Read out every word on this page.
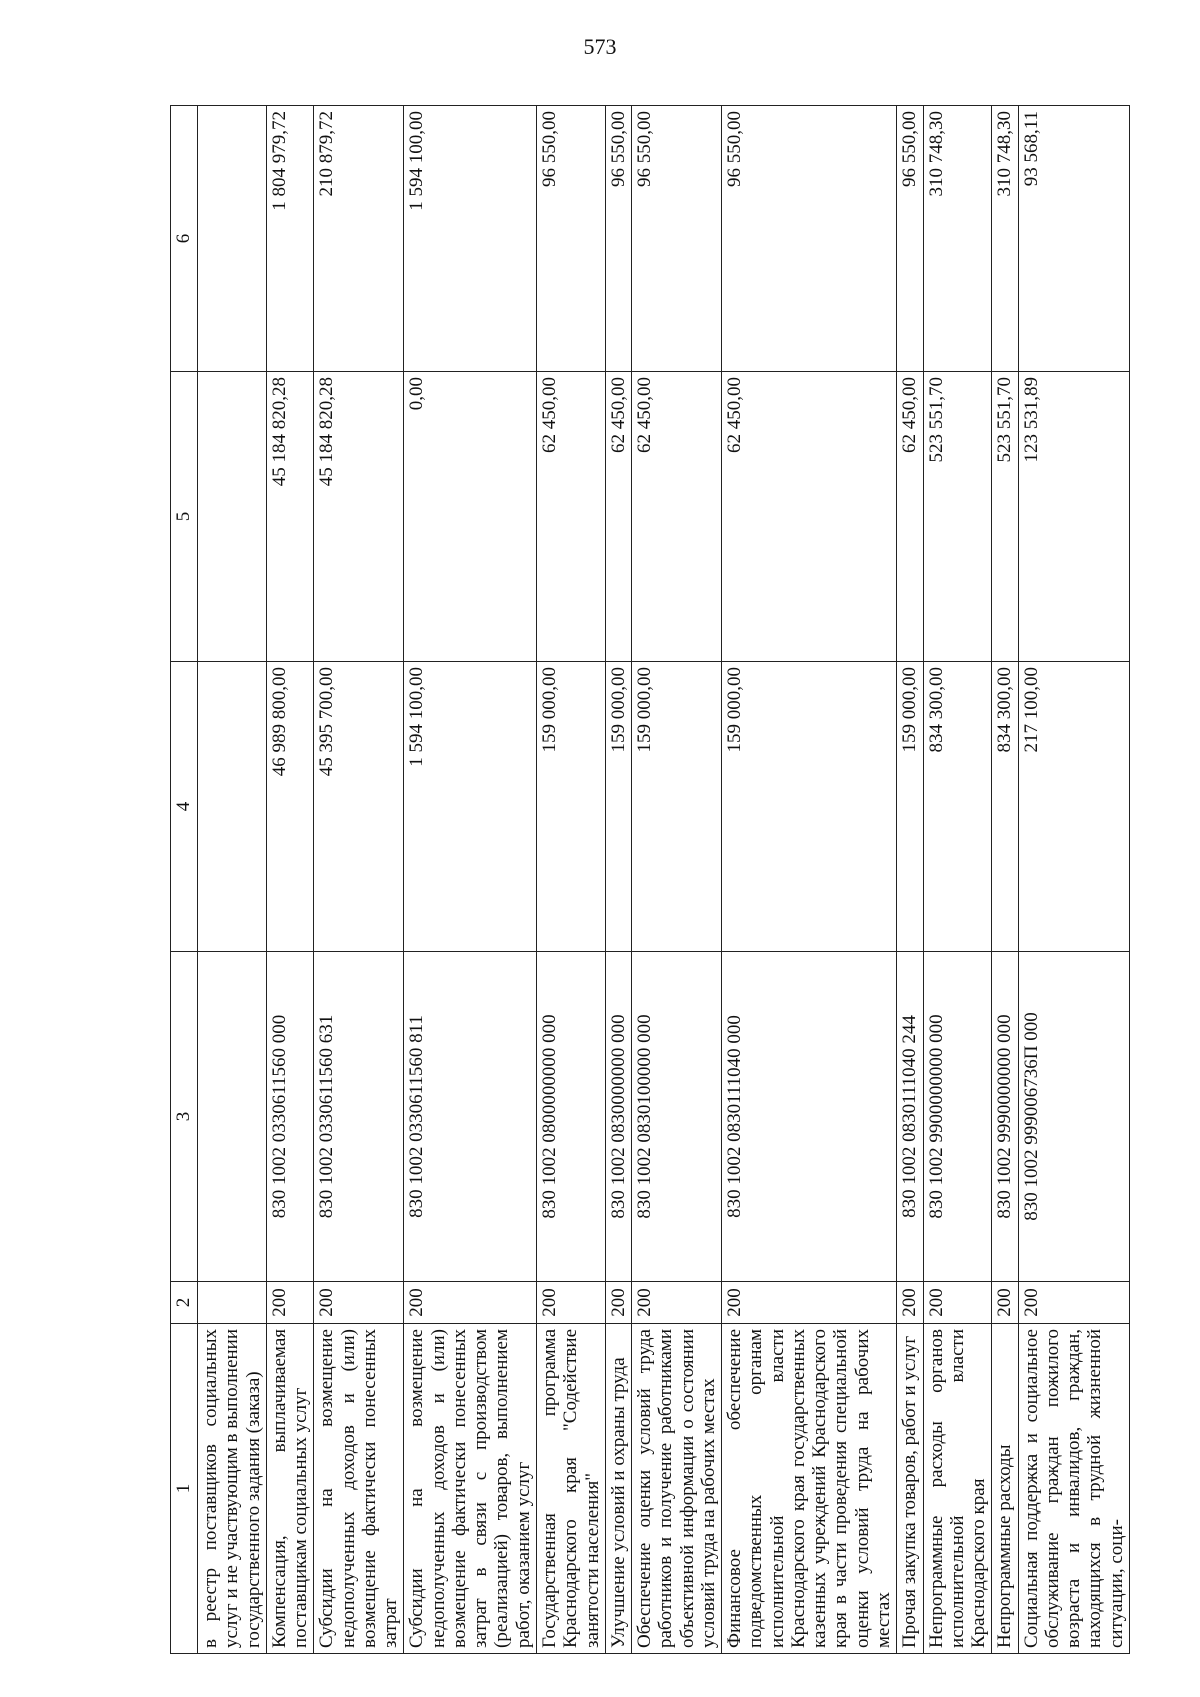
573
1	2	3	4	5	6
в реестр поставщиков социальных услуг и не участвующим в выполнении государственного задания (заказа)					
Компенсация, выплачиваемая поставщикам социальных услуг	200	830 1002 0330611560 000	46 989 800,00	45 184 820,28	1 804 979,72
Субсидии на возмещение недополученных доходов и (или) возмещение фактически понесенных затрат	200	830 1002 0330611560 631	45 395 700,00	45 184 820,28	210 879,72
Субсидии на возмещение недополученных доходов и (или) возмещение фактически понесенных затрат в связи с производством (реализацией) товаров, выполнением работ, оказанием услуг	200	830 1002 0330611560 811	1 594 100,00	0,00	1 594 100,00
Государственная программа Краснодарского края "Содействие занятости населения"	200	830 1002 0800000000 000	159 000,00	62 450,00	96 550,00
Улучшение условий и охраны труда	200	830 1002 0830000000 000	159 000,00	62 450,00	96 550,00
Обеспечение оценки условий труда работников и получение работниками объективной информации о состоянии условий труда на рабочих местах	200	830 1002 0830100000 000	159 000,00	62 450,00	96 550,00
Финансовое обеспечение подведомственных органам исполнительной власти Краснодарского края государственных казенных учреждений Краснодарского края в части проведения специальной оценки условий труда на рабочих местах	200	830 1002 0830111040 000	159 000,00	62 450,00	96 550,00
Прочая закупка товаров, работ и услуг	200	830 1002 0830111040 244	159 000,00	62 450,00	96 550,00
Непрограммные расходы органов исполнительной власти Краснодарского края	200	830 1002 9900000000 000	834 300,00	523 551,70	310 748,30
Непрограммные расходы	200	830 1002 9990000000 000	834 300,00	523 551,70	310 748,30
Социальная поддержка и социальное обслуживание граждан пожилого возраста и инвалидов, граждан, находящихся в трудной жизненной ситуации, соци-	200	830 1002 999006736П 000	217 100,00	123 531,89	93 568,11
